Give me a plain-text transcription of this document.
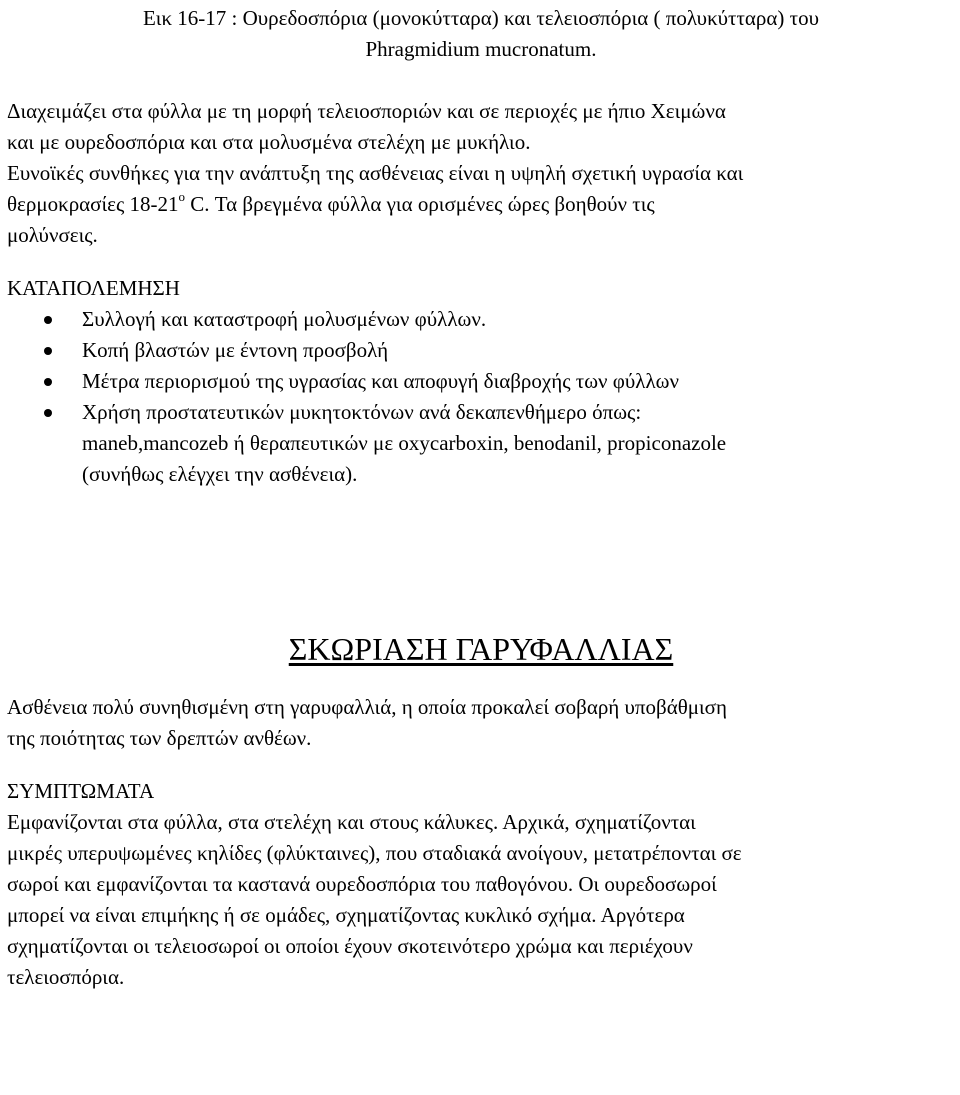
Εικ 16-17 : Ουρεδοσπόρια (μονοκύτταρα) και τελειοσπόρια ( πολυκύτταρα) του
Phragmidium mucronatum.

Διαχειμάζει στα φύλλα με τη μορφή τελειοσποριών και σε περιοχές με ήπιο Χειμώνα
και με ουρεδοσπόρια και στα μολυσμένα στελέχη με μυκήλιο.

Ευνοϊκές συνθήκες για την ανάπτυξη της ασθένειας είναι η υψηλή σχετική υγρασία και
θερμοκρασίες $18-21^o$ C. Τα βρεγμένα φύλλα για ορισμένες ώρες βοηθούν τις
μολύνσεις.

ΚΑΤΑΠΟΛΕΜΗΣΗ
Συλλογή και καταστροφή μολυσμένων φύλλων.
Κοπή βλαστών με έντονη προσβολή
Μέτρα περιορισμού της υγρασίας και αποφυγή διαβροχής των φύλλων
Χρήση προστατευτικών μυκητοκτόνων ανά δεκαπενθήμερο όπως:
maneb,mancozeb ή θεραπευτικών με oxycarboxin, benodanil, propiconazole
(συνήθως ελέγχει την ασθένεια).
ΣΚΩΡΙΑΣΗ ΓΑΡΥΦΑΛΛΙΑΣ

Ασθένεια πολύ συνηθισμένη στη γαρυφαλλιά, η οποία προκαλεί σοβαρή υποβάθμιση
της ποιότητας των δρεπτών ανθέων.

ΣΥΜΠΤΩΜΑΤΑ

Εμφανίζονται στα φύλλα, στα στελέχη και στους κάλυκες. Αρχικά, σχηματίζονται
μικρές υπερυψωμένες κηλίδες (φλύκταινες), που σταδιακά ανοίγουν, μετατρέπονται σε
σωροί και εμφανίζονται τα καστανά ουρεδοσπόρια του παθογόνου. Οι ουρεδοσωροί
μπορεί να είναι επιμήκης ή σε ομάδες, σχηματίζοντας κυκλικό σχήμα. Αργότερα
σχηματίζονται οι τελειοσωροί οι οποίοι έχουν σκοτεινότερο χρώμα και περιέχουν
τελειοσπόρια.
